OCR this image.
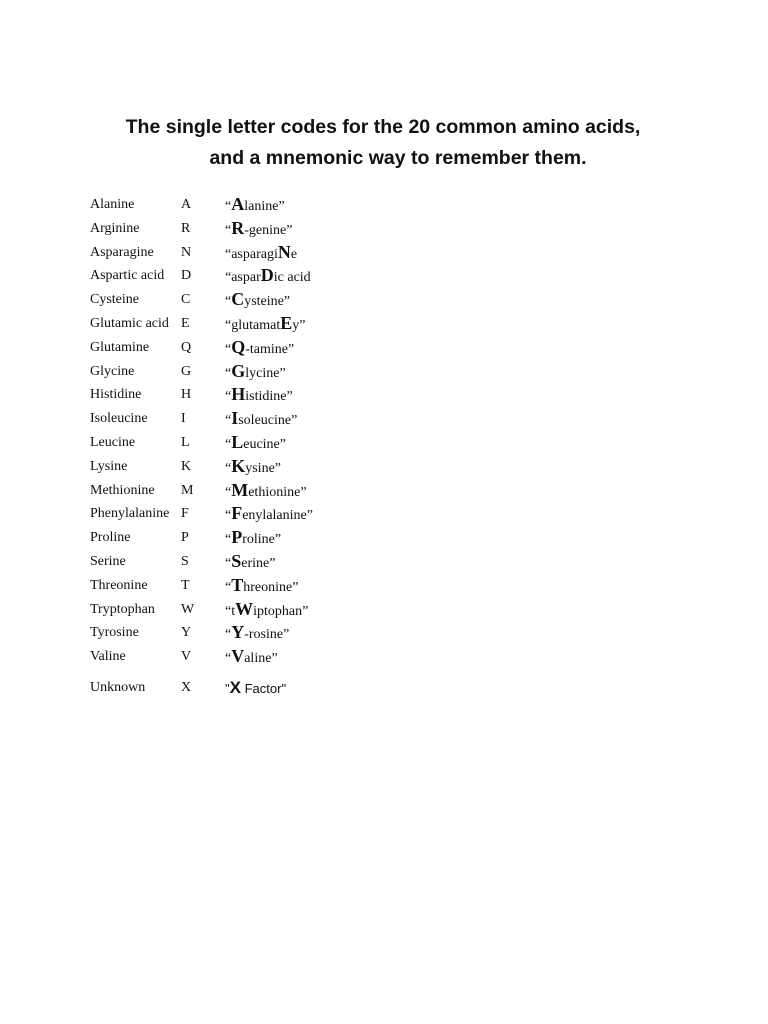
The single letter codes for the 20 common amino acids,
and a mnemonic way to remember them.
Alanine	A “Alanine”
Arginine	R “R-genine”
Asparagine N “asparagiNe
Aspartic acid D “asparDic acid
Cysteine	C “Cysteine”
Glutamic acid E	“glutamatEy”
Glutamine Q “Q-tamine”
Glycine	G “Glycine”
Histidine	H “Histidine”
Isoleucine I	“Isoleucine”
Leucine	L	“Leucine”
Lysine	K “Kysine”
Methionine M “Methionine”
Phenylalanine F	“Fenylalanine”
Proline	P	“Proline”
Serine	S	“Serine”
Threonine T	“Threonine”
Tryptophan W “tWiptophan”
Tyrosine	Y “Y-rosine”
Valine	V “Valine”
Unknown	X	"X Factor"
